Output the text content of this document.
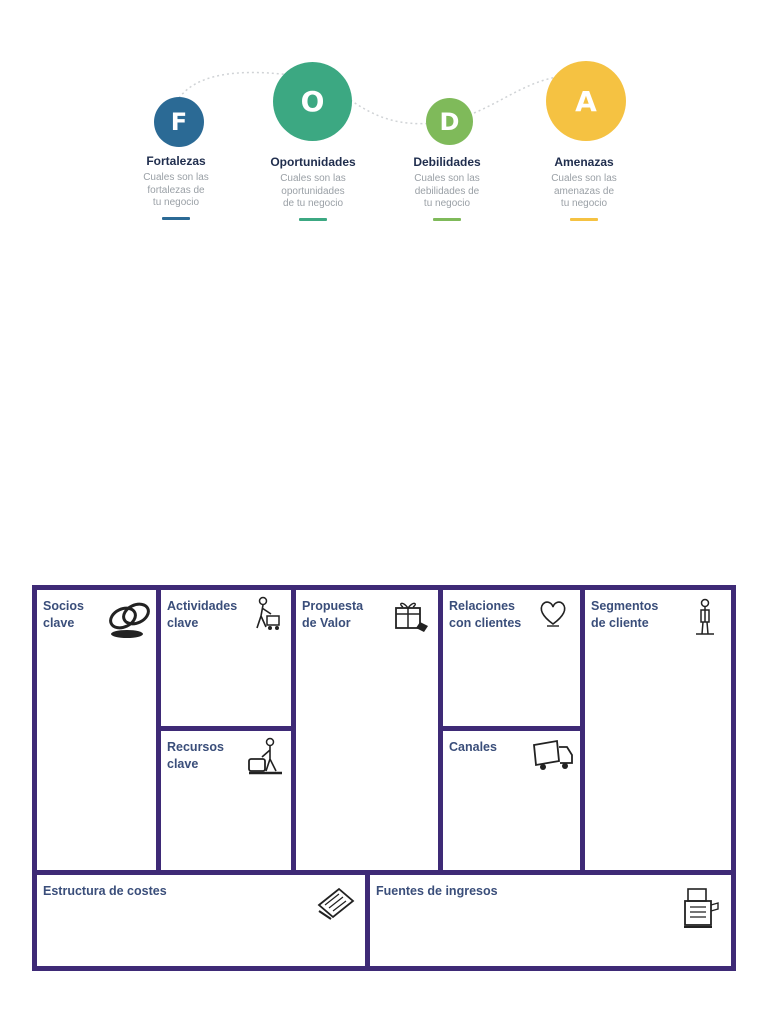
F
O
D
A
Fortalezas
Cuales son las
fortalezas de
tu negocio
Oportunidades
Cuales son las
oportunidades
de tu negocio
Debilidades
Cuales son las
debilidades de
tu negocio
Amenazas
Cuales son las
amenazas de
tu negocio
Socios
clave
Actividades
clave
Recursos
clave
Propuesta
de Valor
Relaciones
con clientes
Canales
Segmentos
de cliente
Estructura de costes	Fuentes de ingresos
